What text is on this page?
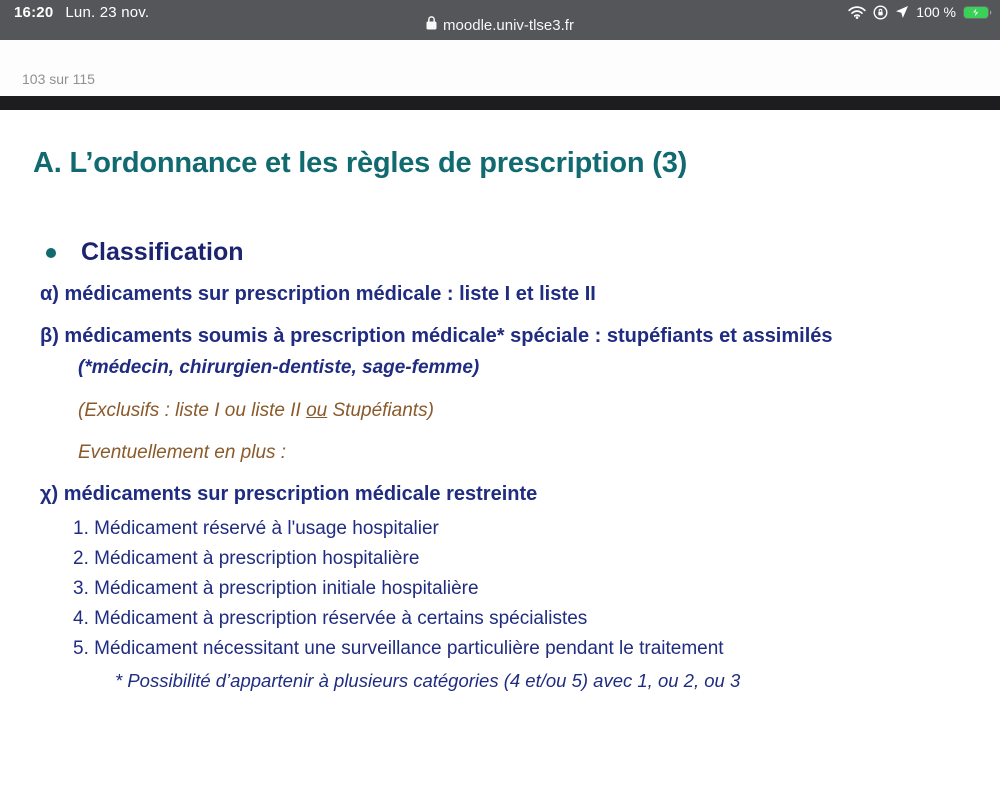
16:20 Lun. 23 nov.
moodle.univ-tlse3.fr
100 %
103 sur 115
A. L’ordonnance et les règles de prescription (3)
Classification

α) médicaments sur prescription médicale : liste I et liste II

β) médicaments soumis à prescription médicale* spéciale : stupéfiants et assimilés

(*médecin, chirurgien-dentiste, sage-femme)

(Exclusifs : liste I ou liste II ou Stupéfiants)

Eventuellement en plus :

χ) médicaments sur prescription médicale restreinte

1. Médicament réservé à l'usage hospitalier

2. Médicament à prescription hospitalière

3. Médicament à prescription initiale hospitalière

4. Médicament à prescription réservée à certains spécialistes

5. Médicament nécessitant une surveillance particulière pendant le traitement

* Possibilité d’appartenir à plusieurs catégories (4 et/ou 5) avec 1, ou 2, ou 3
